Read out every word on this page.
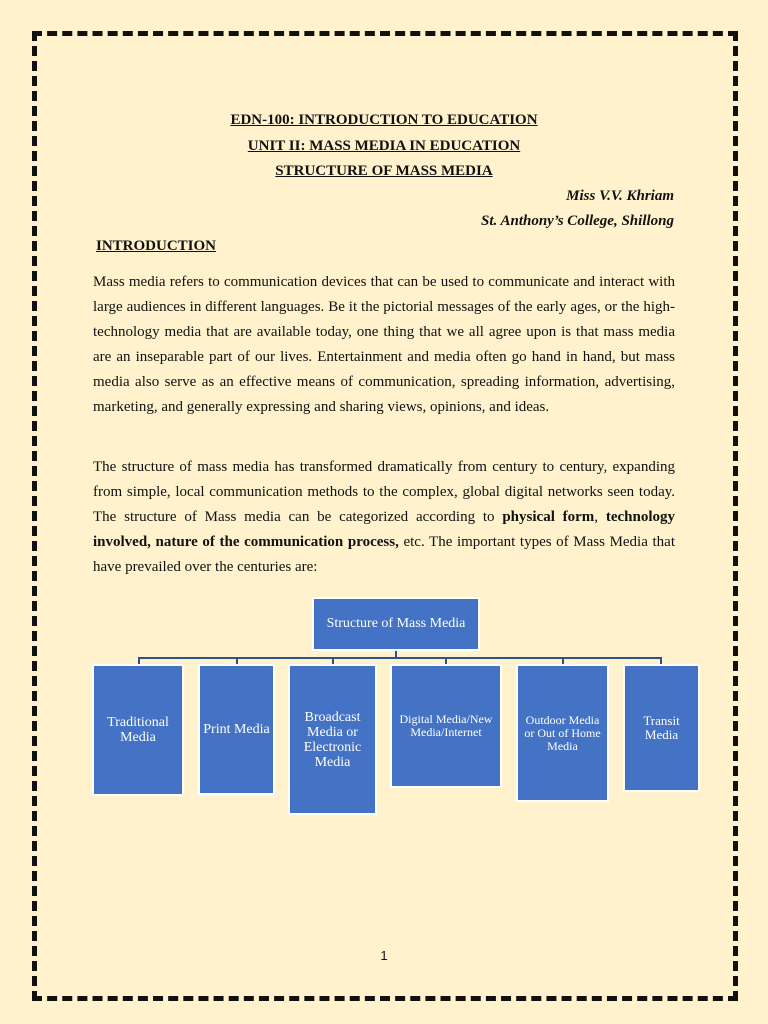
EDN-100: INTRODUCTION TO EDUCATION
UNIT II: MASS MEDIA IN EDUCATION
STRUCTURE OF MASS MEDIA
Miss V.V. Khriam
St. Anthony’s College, Shillong
INTRODUCTION
Mass media refers to communication devices that can be used to communicate and interact with large audiences in different languages. Be it the pictorial messages of the early ages, or the high-technology media that are available today, one thing that we all agree upon is that mass media are an inseparable part of our lives. Entertainment and media often go hand in hand, but mass media also serve as an effective means of communication, spreading information, advertising, marketing, and generally expressing and sharing views, opinions, and ideas.
The structure of mass media has transformed dramatically from century to century, expanding from simple, local communication methods to the complex, global digital networks seen today. The structure of Mass media can be categorized according to physical form, technology involved, nature of the communication process, etc. The important types of Mass Media that have prevailed over the centuries are:
Structure of Mass Media
Traditional Media
Print Media
Broadcast Media or Electronic Media
Digital Media/New Media/Internet
Outdoor Media or Out of Home Media
Transit Media
1
